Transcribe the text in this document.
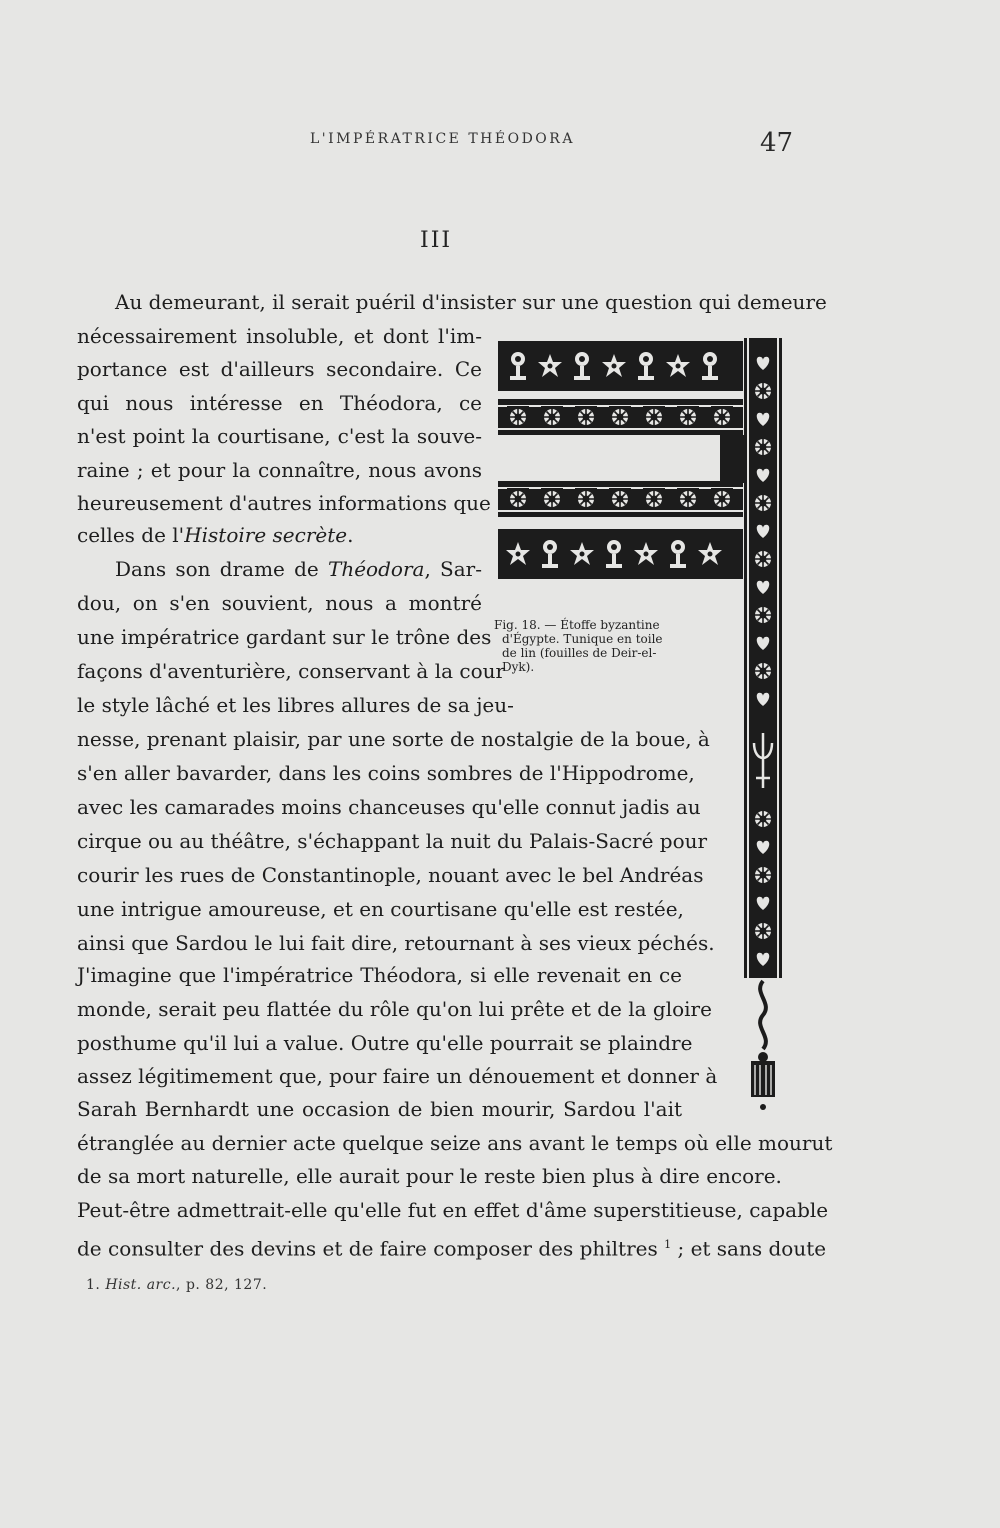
L'IMPÉRATRICE THÉODORA	47
III
Au demeurant, il serait puéril d'insister sur une question qui demeure
nécessairement insoluble, et dont l'im-
portance est d'ailleurs secondaire. Ce
qui nous intéresse en Théodora, ce
n'est point la courtisane, c'est la souve-
raine ; et pour la connaître, nous avons
heureusement d'autres informations que
celles de l'Histoire secrète.
Dans son drame de Théodora, Sar-
dou, on s'en souvient, nous a montré
une impératrice gardant sur le trône des
façons d'aventurière, conservant à la cour
le style lâché et les libres allures de sa jeu-
nesse, prenant plaisir, par une sorte de nostalgie de la boue, à
s'en aller bavarder, dans les coins sombres de l'Hippodrome,
avec les camarades moins chanceuses qu'elle connut jadis au
cirque ou au théâtre, s'échappant la nuit du Palais-Sacré pour
courir les rues de Constantinople, nouant avec le bel Andréas
une intrigue amoureuse, et en courtisane qu'elle est restée,
ainsi que Sardou le lui fait dire, retournant à ses vieux péchés.
J'imagine que l'impératrice Théodora, si elle revenait en ce
monde, serait peu flattée du rôle qu'on lui prête et de la gloire
posthume qu'il lui a value. Outre qu'elle pourrait se plaindre
assez légitimement que, pour faire un dénouement et donner à
Sarah Bernhardt une occasion de bien mourir, Sardou l'ait
étranglée au dernier acte quelque seize ans avant le temps où elle mourut
de sa mort naturelle, elle aurait pour le reste bien plus à dire encore.
Peut-être admettrait-elle qu'elle fut en effet d'âme superstitieuse, capable
de consulter des devins et de faire composer des philtres $^1$ ; et sans doute
Fig. 18. — Étoffe byzantine
d'Égypte. Tunique en toile
de lin (fouilles de Deir-el-
Dyk).
1. Hist. arc., p. 82, 127.
